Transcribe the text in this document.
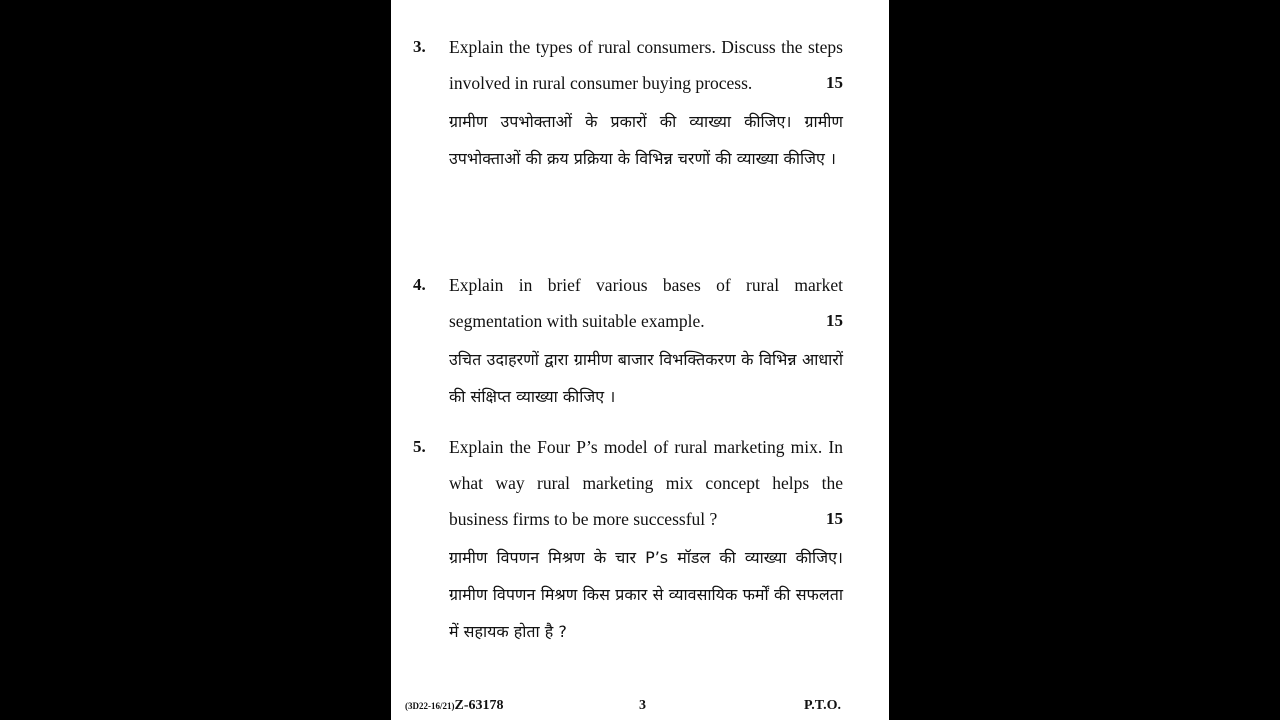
3. Explain the types of rural consumers. Discuss the steps involved in rural consumer buying process.	15

ग्रामीण उपभोक्ताओं के प्रकारों की व्याख्या कीजिए। ग्रामीण उपभोक्ताओं की क्रय प्रक्रिया के विभिन्न चरणों की व्याख्या कीजिए ।

4. Explain in brief various bases of rural market segmentation with suitable example.	15

उचित उदाहरणों द्वारा ग्रामीण बाजार विभक्तिकरण के विभिन्न आधारों की संक्षिप्त व्याख्या कीजिए ।

5. Explain the Four P’s model of rural marketing mix. In what way rural marketing mix concept helps the business firms to be more successful ?	15

ग्रामीण विपणन मिश्रण के चार P’s मॉडल की व्याख्या कीजिए। ग्रामीण विपणन मिश्रण किस प्रकार से व्यावसायिक फर्मों की सफलता में सहायक होता है ?

(3D22-16/21)Z-63178	3	P.T.O.
